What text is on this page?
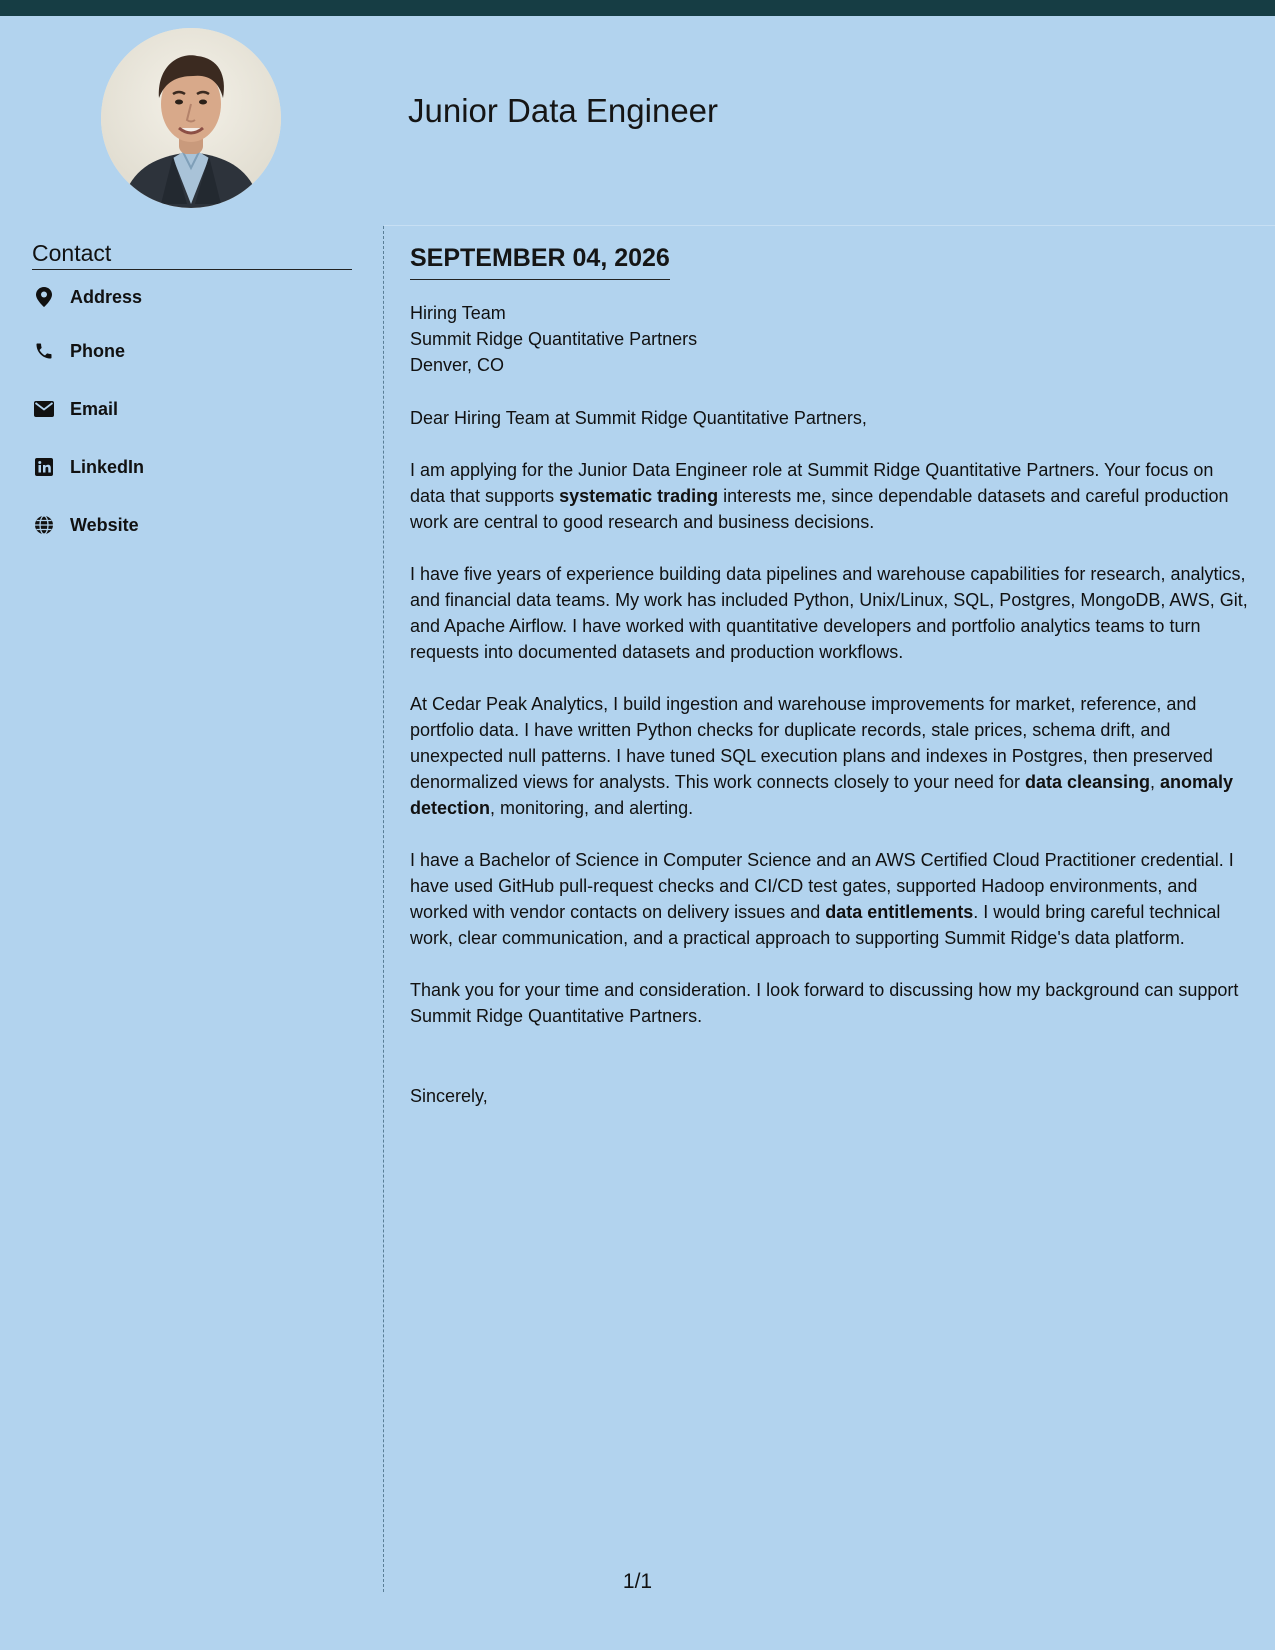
Junior Data Engineer
Contact
Address
Phone
Email
LinkedIn
Website
SEPTEMBER 04, 2026
Hiring Team
Summit Ridge Quantitative Partners
Denver, CO

Dear Hiring Team at Summit Ridge Quantitative Partners,

I am applying for the Junior Data Engineer role at Summit Ridge Quantitative Partners. Your focus on data that supports systematic trading interests me, since dependable datasets and careful production work are central to good research and business decisions.

I have five years of experience building data pipelines and warehouse capabilities for research, analytics, and financial data teams. My work has included Python, Unix/Linux, SQL, Postgres, MongoDB, AWS, Git, and Apache Airflow. I have worked with quantitative developers and portfolio analytics teams to turn requests into documented datasets and production workflows.

At Cedar Peak Analytics, I build ingestion and warehouse improvements for market, reference, and portfolio data. I have written Python checks for duplicate records, stale prices, schema drift, and unexpected null patterns. I have tuned SQL execution plans and indexes in Postgres, then preserved denormalized views for analysts. This work connects closely to your need for data cleansing, anomaly detection, monitoring, and alerting.

I have a Bachelor of Science in Computer Science and an AWS Certified Cloud Practitioner credential. I have used GitHub pull-request checks and CI/CD test gates, supported Hadoop environments, and worked with vendor contacts on delivery issues and data entitlements. I would bring careful technical work, clear communication, and a practical approach to supporting Summit Ridge's data platform.

Thank you for your time and consideration. I look forward to discussing how my background can support Summit Ridge Quantitative Partners.

Sincerely,

1/1
